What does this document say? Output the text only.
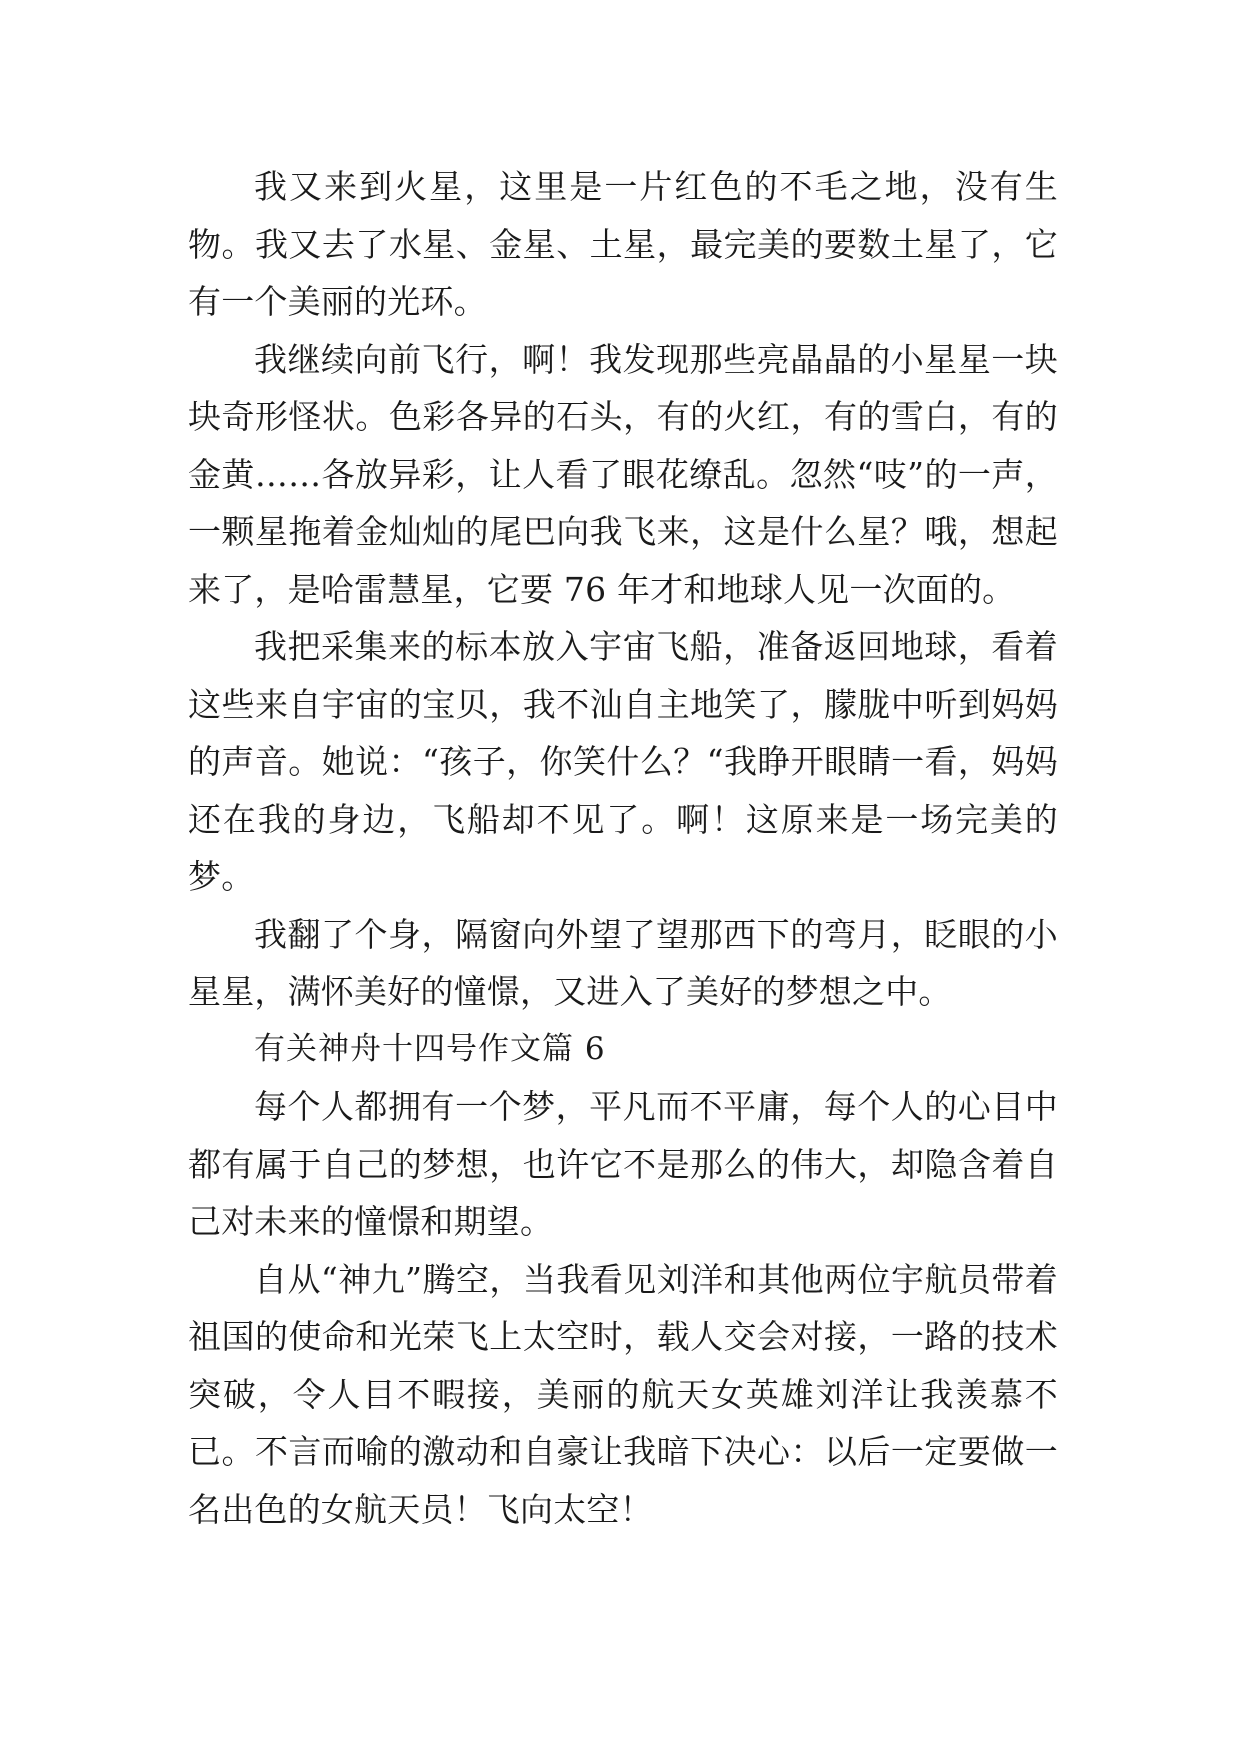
我又来到火星，这里是一片红色的不毛之地，没有生物。我又去了水星、金星、土星，最完美的要数土星了，它有一个美丽的光环。

我继续向前飞行，啊！我发现那些亮晶晶的小星星一块块奇形怪状。色彩各异的石头，有的火红，有的雪白，有的金黄……各放异彩，让人看了眼花缭乱。忽然“吱”的一声，一颗星拖着金灿灿的尾巴向我飞来，这是什么星？哦，想起来了，是哈雷慧星，它要 76 年才和地球人见一次面的。

我把采集来的标本放入宇宙飞船，准备返回地球，看着这些来自宇宙的宝贝，我不汕自主地笑了，朦胧中听到妈妈的声音。她说：“孩子，你笑什么？“我睁开眼睛一看，妈妈还在我的身边，飞船却不见了。啊！这原来是一场完美的梦。

我翻了个身，隔窗向外望了望那西下的弯月，眨眼的小星星，满怀美好的憧憬，又进入了美好的梦想之中。

有关神舟十四号作文篇 6

每个人都拥有一个梦，平凡而不平庸，每个人的心目中都有属于自己的梦想，也许它不是那么的伟大，却隐含着自己对未来的憧憬和期望。

自从“神九”腾空，当我看见刘洋和其他两位宇航员带着祖国的使命和光荣飞上太空时，载人交会对接，一路的技术突破，令人目不暇接，美丽的航天女英雄刘洋让我羡慕不已。不言而喻的激动和自豪让我暗下决心：以后一定要做一名出色的女航天员！飞向太空！
